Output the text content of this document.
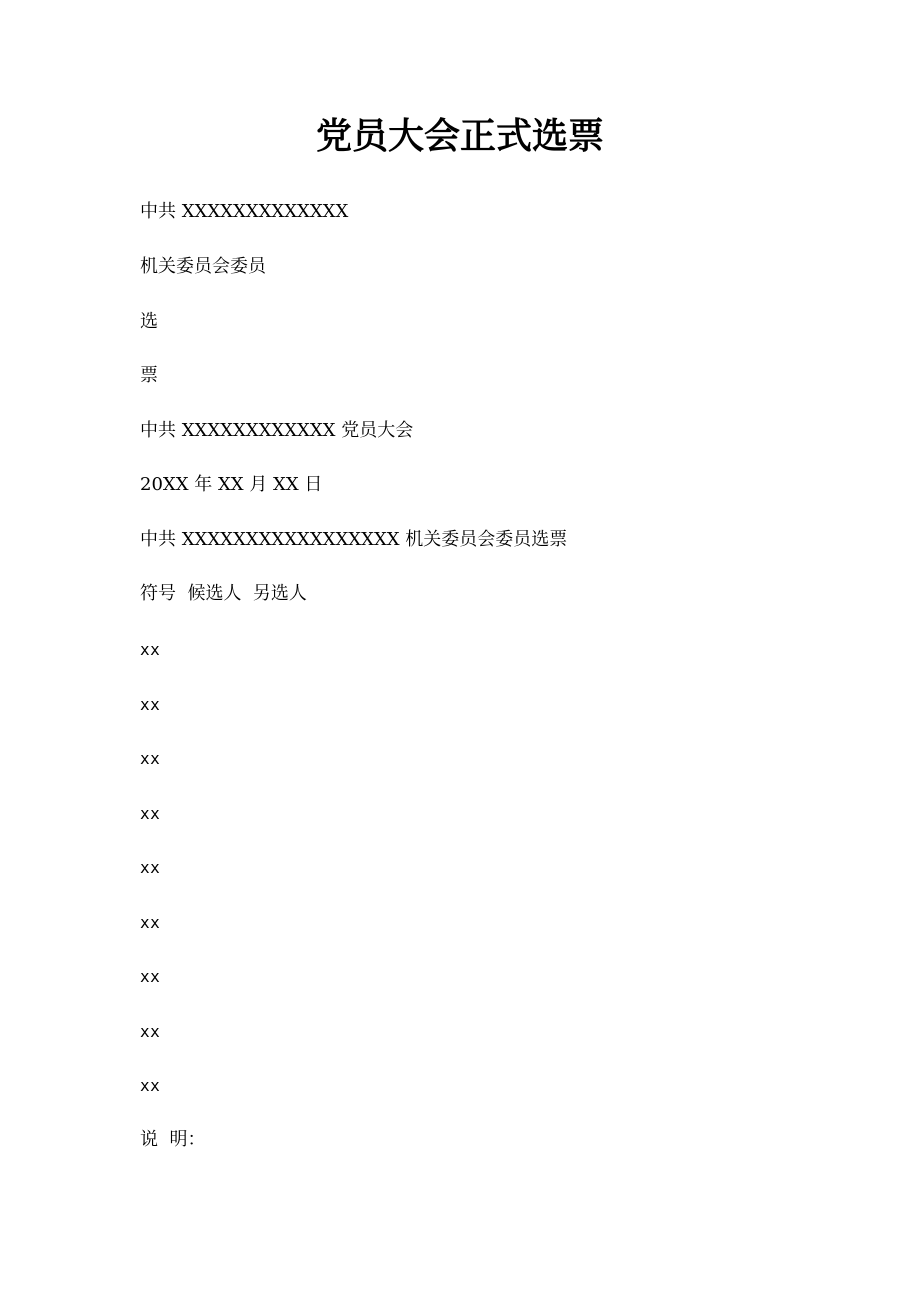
党员大会正式选票
中共 XXXXXXXXXXXXX
机关委员会委员
选
票
中共 XXXXXXXXXXXX 党员大会
20XX 年 XX 月 XX 日
中共 XXXXXXXXXXXXXXXXX 机关委员会委员选票
符号  候选人  另选人
xx
xx
xx
xx
xx
xx
xx
xx
xx
说  明：
